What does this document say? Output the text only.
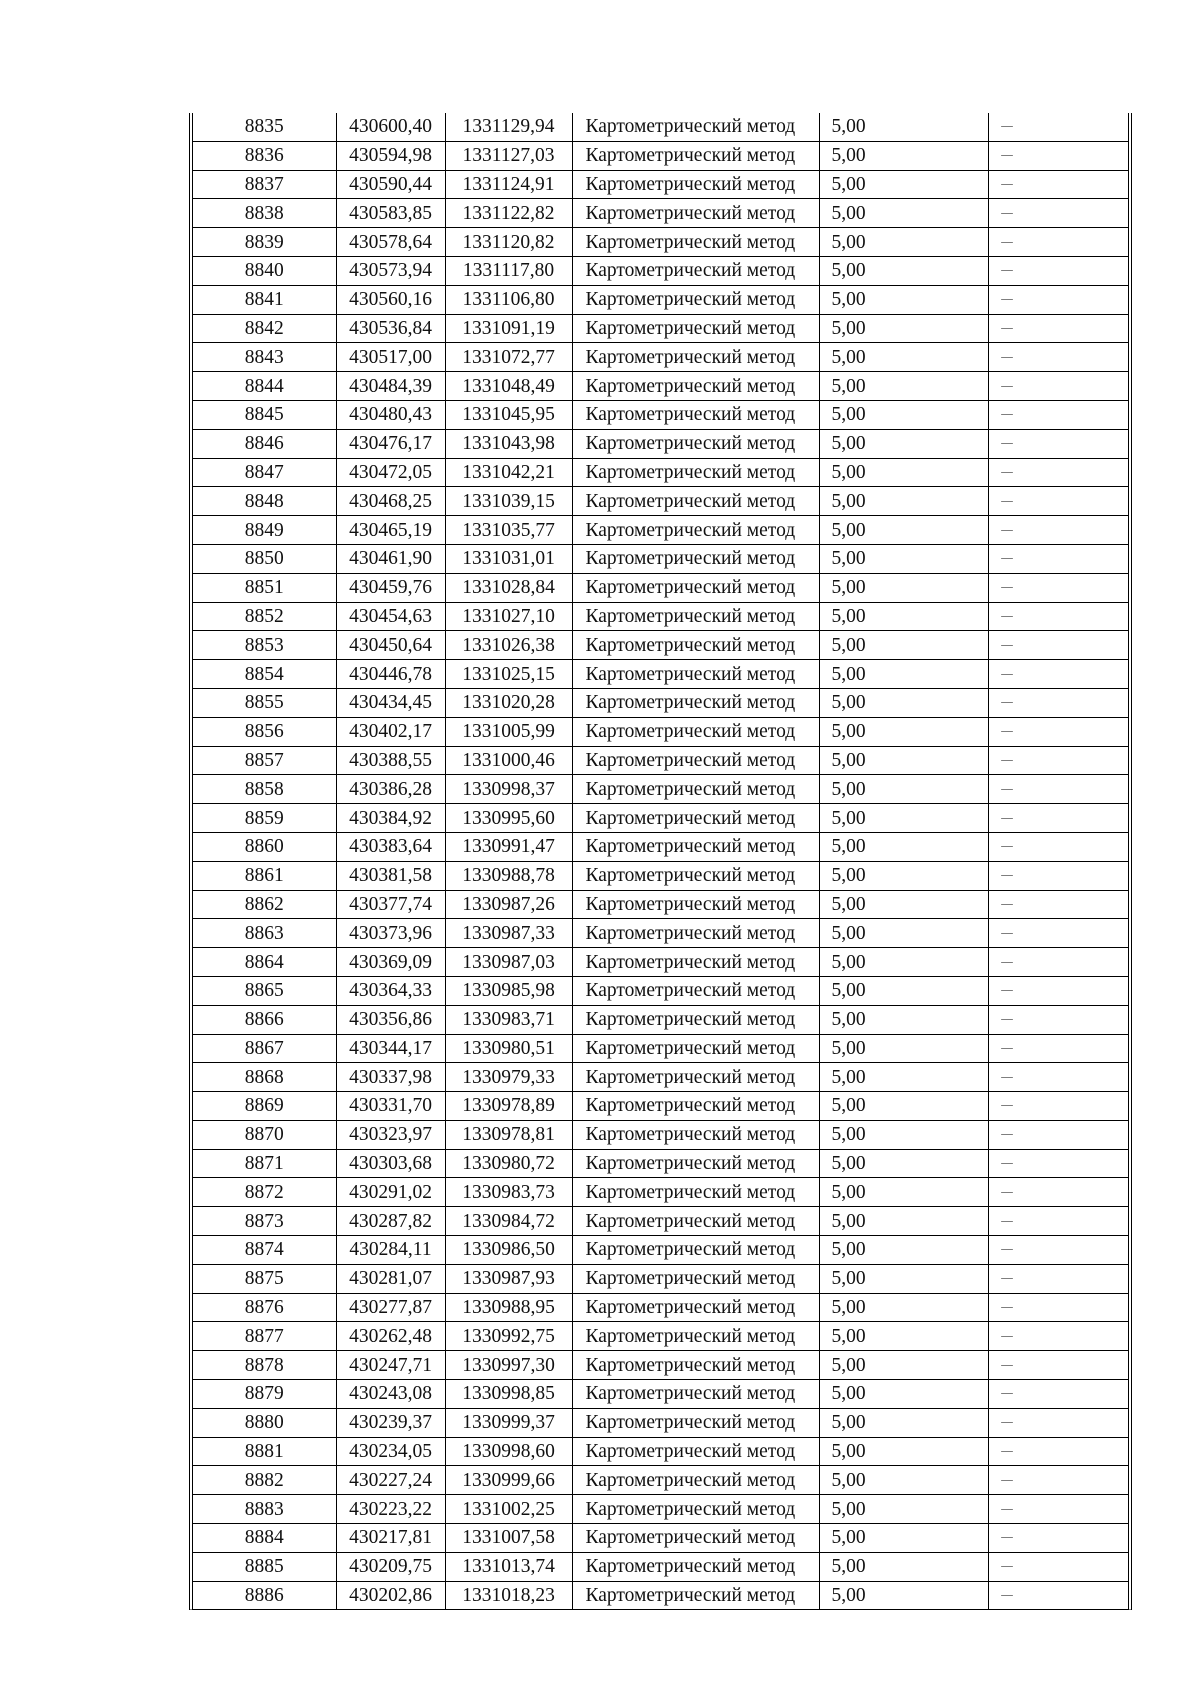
8835	430600,40	1331129,94	Картометрический метод	5,00	—
8836	430594,98	1331127,03	Картометрический метод	5,00	—
8837	430590,44	1331124,91	Картометрический метод	5,00	—
8838	430583,85	1331122,82	Картометрический метод	5,00	—
8839	430578,64	1331120,82	Картометрический метод	5,00	—
8840	430573,94	1331117,80	Картометрический метод	5,00	—
8841	430560,16	1331106,80	Картометрический метод	5,00	—
8842	430536,84	1331091,19	Картометрический метод	5,00	—
8843	430517,00	1331072,77	Картометрический метод	5,00	—
8844	430484,39	1331048,49	Картометрический метод	5,00	—
8845	430480,43	1331045,95	Картометрический метод	5,00	—
8846	430476,17	1331043,98	Картометрический метод	5,00	—
8847	430472,05	1331042,21	Картометрический метод	5,00	—
8848	430468,25	1331039,15	Картометрический метод	5,00	—
8849	430465,19	1331035,77	Картометрический метод	5,00	—
8850	430461,90	1331031,01	Картометрический метод	5,00	—
8851	430459,76	1331028,84	Картометрический метод	5,00	—
8852	430454,63	1331027,10	Картометрический метод	5,00	—
8853	430450,64	1331026,38	Картометрический метод	5,00	—
8854	430446,78	1331025,15	Картометрический метод	5,00	—
8855	430434,45	1331020,28	Картометрический метод	5,00	—
8856	430402,17	1331005,99	Картометрический метод	5,00	—
8857	430388,55	1331000,46	Картометрический метод	5,00	—
8858	430386,28	1330998,37	Картометрический метод	5,00	—
8859	430384,92	1330995,60	Картометрический метод	5,00	—
8860	430383,64	1330991,47	Картометрический метод	5,00	—
8861	430381,58	1330988,78	Картометрический метод	5,00	—
8862	430377,74	1330987,26	Картометрический метод	5,00	—
8863	430373,96	1330987,33	Картометрический метод	5,00	—
8864	430369,09	1330987,03	Картометрический метод	5,00	—
8865	430364,33	1330985,98	Картометрический метод	5,00	—
8866	430356,86	1330983,71	Картометрический метод	5,00	—
8867	430344,17	1330980,51	Картометрический метод	5,00	—
8868	430337,98	1330979,33	Картометрический метод	5,00	—
8869	430331,70	1330978,89	Картометрический метод	5,00	—
8870	430323,97	1330978,81	Картометрический метод	5,00	—
8871	430303,68	1330980,72	Картометрический метод	5,00	—
8872	430291,02	1330983,73	Картометрический метод	5,00	—
8873	430287,82	1330984,72	Картометрический метод	5,00	—
8874	430284,11	1330986,50	Картометрический метод	5,00	—
8875	430281,07	1330987,93	Картометрический метод	5,00	—
8876	430277,87	1330988,95	Картометрический метод	5,00	—
8877	430262,48	1330992,75	Картометрический метод	5,00	—
8878	430247,71	1330997,30	Картометрический метод	5,00	—
8879	430243,08	1330998,85	Картометрический метод	5,00	—
8880	430239,37	1330999,37	Картометрический метод	5,00	—
8881	430234,05	1330998,60	Картометрический метод	5,00	—
8882	430227,24	1330999,66	Картометрический метод	5,00	—
8883	430223,22	1331002,25	Картометрический метод	5,00	—
8884	430217,81	1331007,58	Картометрический метод	5,00	—
8885	430209,75	1331013,74	Картометрический метод	5,00	—
8886	430202,86	1331018,23	Картометрический метод	5,00	—
